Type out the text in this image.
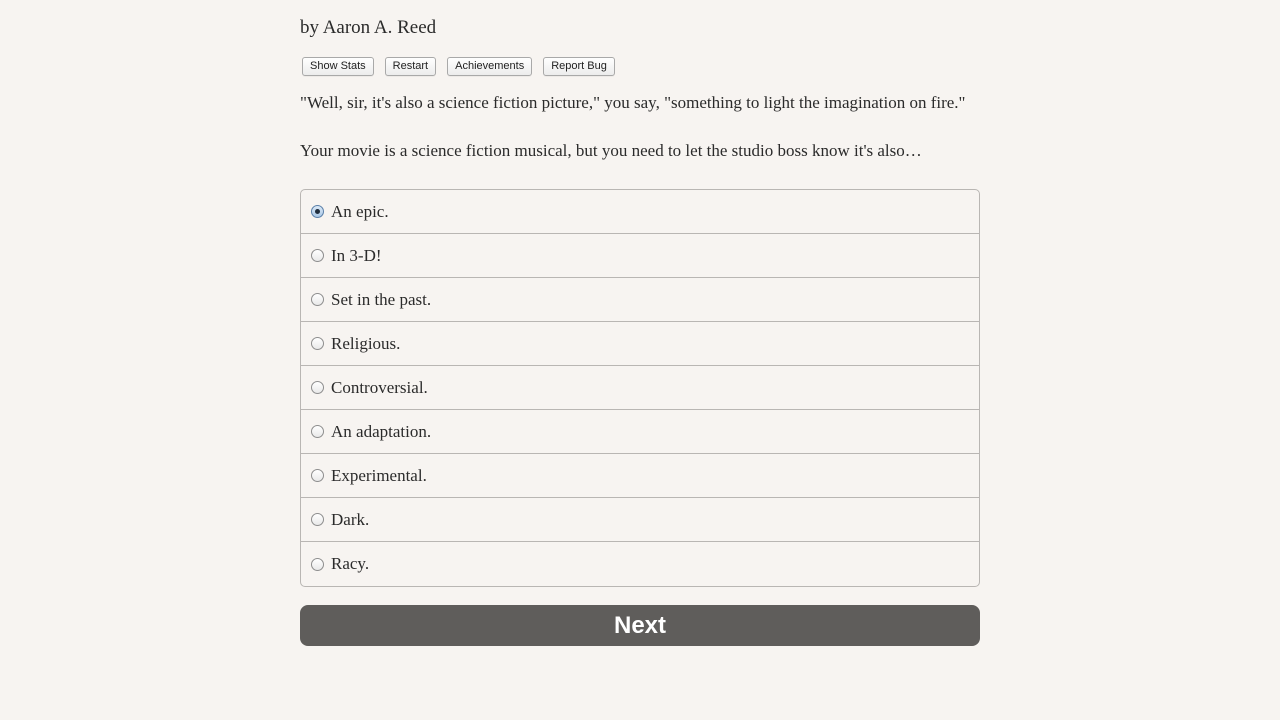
by Aaron A. Reed
Show Stats	Restart	Achievements	Report Bug
"Well, sir, it's also a science fiction picture," you say, "something to light the imagination on fire."
Your movie is a science fiction musical, but you need to let the studio boss know it's also…
An epic.
In 3-D!
Set in the past.
Religious.
Controversial.
An adaptation.
Experimental.
Dark.
Racy.
Next
